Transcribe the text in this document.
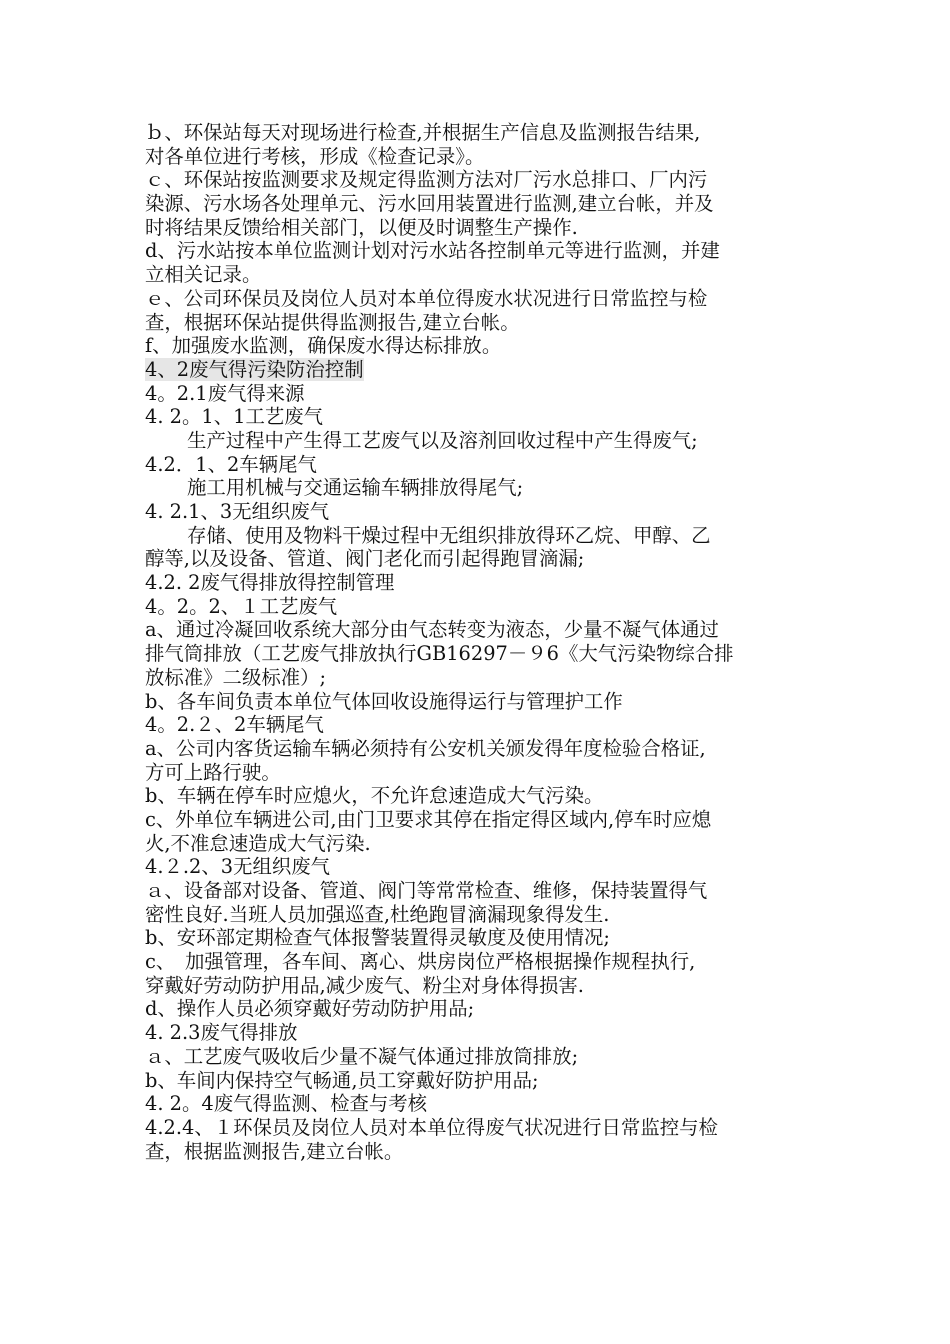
ｂ、环保站每天对现场进行检查,并根据生产信息及监测报告结果,
对各单位进行考核，形成《检查记录》。
ｃ、环保站按监测要求及规定得监测方法对厂污水总排口、厂内污
染源、污水场各处理单元、污水回用装置进行监测,建立台帐，并及
时将结果反馈给相关部门，以便及时调整生产操作.
d、污水站按本单位监测计划对污水站各控制单元等进行监测，并建
立相关记录。
ｅ、公司环保员及岗位人员对本单位得废水状况进行日常监控与检
查，根据环保站提供得监测报告,建立台帐。
f、加强废水监测，确保废水得达标排放。
4、2废气得污染防治控制
4。2.1废气得来源
4. 2。1、1工艺废气
生产过程中产生得工艺废气以及溶剂回收过程中产生得废气;
4.2．1、2车辆尾气
施工用机械与交通运输车辆排放得尾气;
4. 2.1、3无组织废气
存储、使用及物料干燥过程中无组织排放得环乙烷、甲醇、乙
醇等,以及设备、管道、阀门老化而引起得跑冒滴漏;
4.2. 2废气得排放得控制管理
4。2。2、１工艺废气
a、通过冷凝回收系统大部分由气态转变为液态，少量不凝气体通过
排气筒排放（工艺废气排放执行GB16297－９6《大气污染物综合排
放标准》二级标准）;
b、各车间负责本单位气体回收设施得运行与管理护工作
4。2.２、2车辆尾气
a、公司内客货运输车辆必须持有公安机关颁发得年度检验合格证,
方可上路行驶。
b、车辆在停车时应熄火，不允许怠速造成大气污染。
c、外单位车辆进公司,由门卫要求其停在指定得区域内,停车时应熄
火,不准怠速造成大气污染.
4.２.2、3无组织废气
ａ、设备部对设备、管道、阀门等常常检查、维修，保持装置得气
密性良好.当班人员加强巡查,杜绝跑冒滴漏现象得发生.
b、安环部定期检查气体报警装置得灵敏度及使用情况;
c、　加强管理，各车间、离心、烘房岗位严格根据操作规程执行,
穿戴好劳动防护用品,减少废气、粉尘对身体得损害.
d、操作人员必须穿戴好劳动防护用品;
4. 2.3废气得排放
ａ、工艺废气吸收后少量不凝气体通过排放筒排放;
b、车间内保持空气畅通,员工穿戴好防护用品;
4. 2。4废气得监测、检查与考核
4.2.4、１环保员及岗位人员对本单位得废气状况进行日常监控与检
查，根据监测报告,建立台帐。
